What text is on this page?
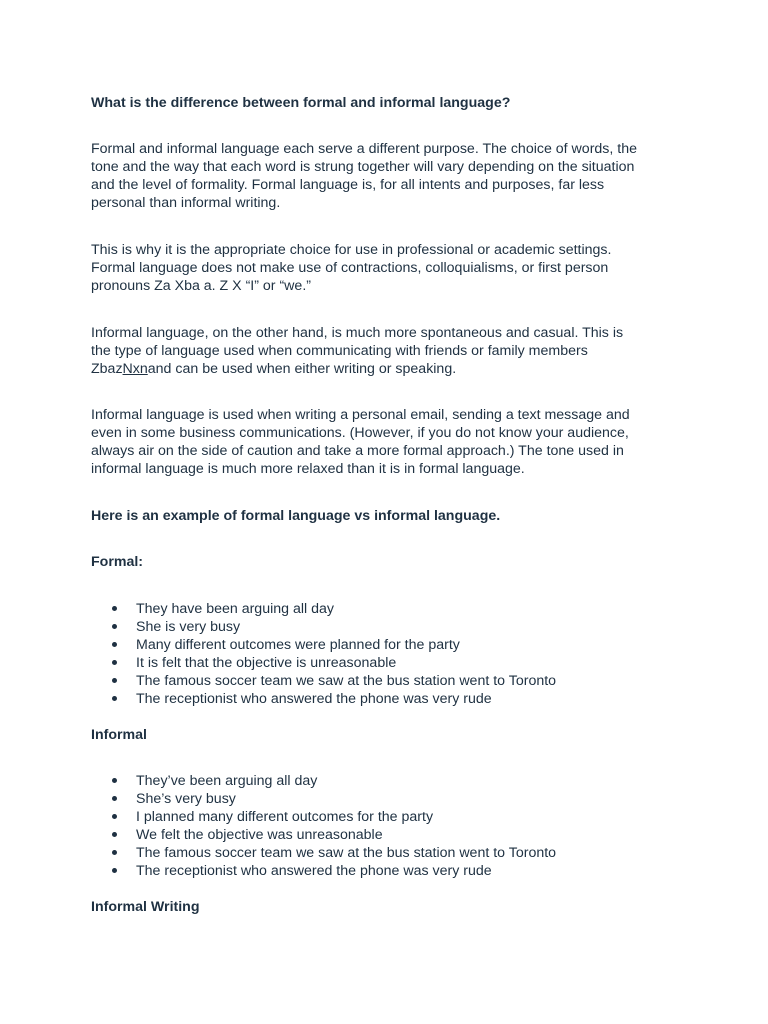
What is the difference between formal and informal language?
Formal and informal language each serve a different purpose. The choice of words, the
tone and the way that each word is strung together will vary depending on the situation
and the level of formality. Formal language is, for all intents and purposes, far less
personal than informal writing.
This is why it is the appropriate choice for use in professional or academic settings.
Formal language does not make use of contractions, colloquialisms, or first person
pronouns Za Xba a. Z X “I” or “we.”
Informal language, on the other hand, is much more spontaneous and casual. This is
the type of language used when communicating with friends or family members
ZbazNxnand can be used when either writing or speaking.
Informal language is used when writing a personal email, sending a text message and
even in some business communications. (However, if you do not know your audience,
always air on the side of caution and take a more formal approach.) The tone used in
informal language is much more relaxed than it is in formal language.
Here is an example of formal language vs informal language.
Formal:
They have been arguing all day
She is very busy
Many different outcomes were planned for the party
It is felt that the objective is unreasonable
The famous soccer team we saw at the bus station went to Toronto
The receptionist who answered the phone was very rude
Informal
They’ve been arguing all day
She’s very busy
I planned many different outcomes for the party
We felt the objective was unreasonable
The famous soccer team we saw at the bus station went to Toronto
The receptionist who answered the phone was very rude
Informal Writing
